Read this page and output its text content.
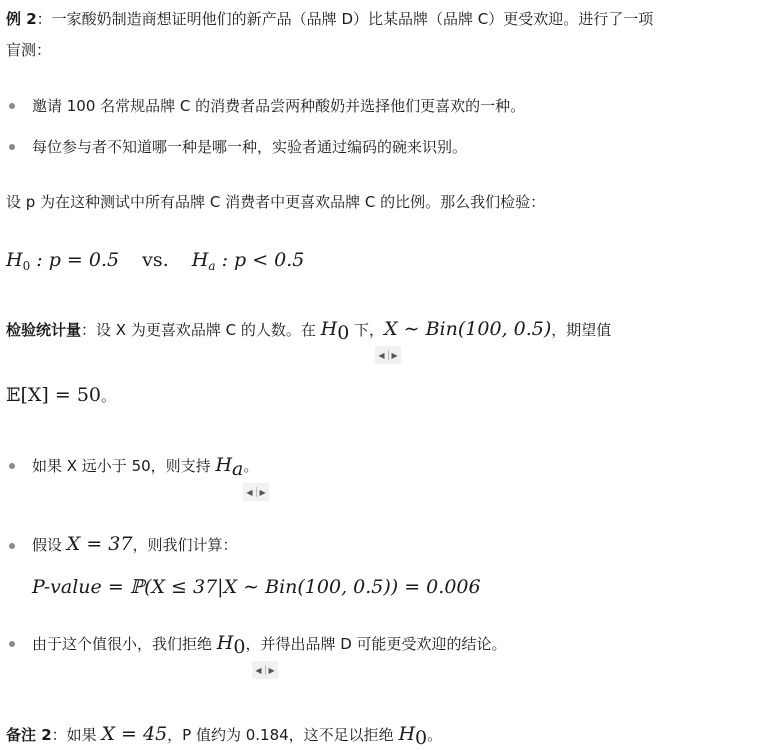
例 2：一家酸奶制造商想证明他们的新产品（品牌 D）比某品牌（品牌 C）更受欢迎。进行了一项
盲测：
邀请 100 名常规品牌 C 的消费者品尝两种酸奶并选择他们更喜欢的一种。
每位参与者不知道哪一种是哪一种，实验者通过编码的碗来识别。
设 p 为在这种测试中所有品牌 C 消费者中更喜欢品牌 C 的比例。那么我们检验：
$H_0$ : p = 0.5 vs. $H_a$ : p < 0.5
检验统计量：设 X 为更喜欢品牌 C 的人数。在 $H_0$ 下，X ∼ Bin(100, 0.5)，期望值
◀ ▶
𝔼[X] = 50。
如果 X 远小于 50，则支持 $H_a$。
◀ ▶
假设 X = 37，则我们计算：
P-value = ℙ(X ≤ 37|X ∼ Bin(100, 0.5)) = 0.006
由于这个值很小，我们拒绝 $H_0$，并得出品牌 D 可能更受欢迎的结论。
◀ ▶
备注 2：如果 X = 45，P 值约为 0.184，这不足以拒绝 $H_0$。
